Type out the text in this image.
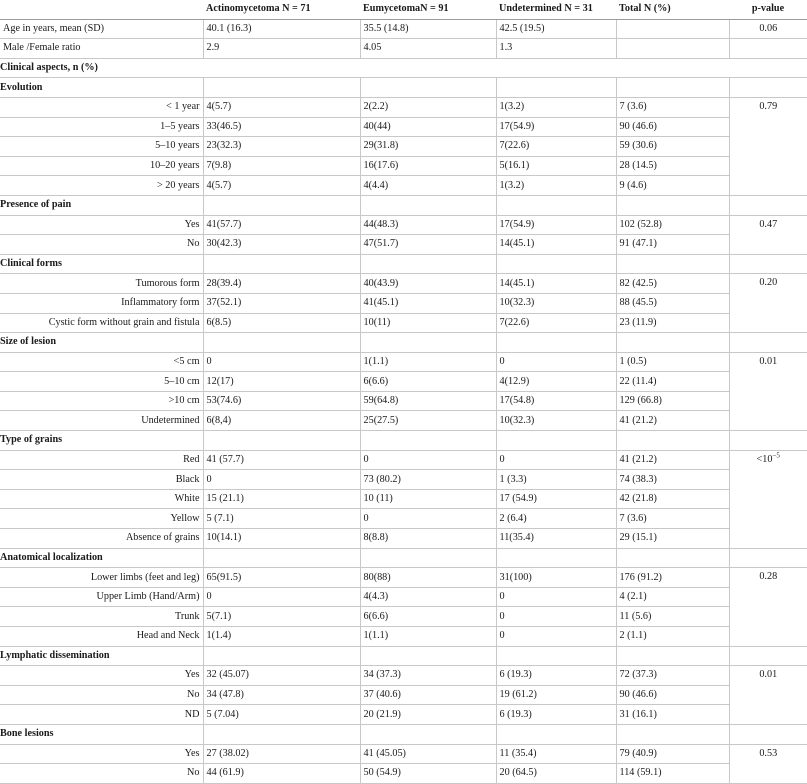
	Actinomycetoma N = 71	EumycetomaN = 91	Undetermined N = 31	Total N (%)	p-value
Age in years, mean (SD)	40.1 (16.3)	35.5 (14.8)	42.5 (19.5)		0.06
Male /Female ratio	2.9	4.05	1.3		
Clinical aspects, n (%)					
Evolution					
< 1 year	4(5.7)	2(2.2)	1(3.2)	7 (3.6)	0.79
1–5 years	33(46.5)	40(44)	17(54.9)	90 (46.6)	
5–10 years	23(32.3)	29(31.8)	7(22.6)	59 (30.6)	
10–20 years	7(9.8)	16(17.6)	5(16.1)	28 (14.5)	
> 20 years	4(5.7)	4(4.4)	1(3.2)	9 (4.6)	
Presence of pain					
Yes	41(57.7)	44(48.3)	17(54.9)	102 (52.8)	0.47
No	30(42.3)	47(51.7)	14(45.1)	91 (47.1)	
Clinical forms					
Tumorous form	28(39.4)	40(43.9)	14(45.1)	82 (42.5)	0.20
Inflammatory form	37(52.1)	41(45.1)	10(32.3)	88 (45.5)	
Cystic form without grain and fistula	6(8.5)	10(11)	7(22.6)	23 (11.9)	
Size of lesion					
<5 cm	0	1(1.1)	0	1 (0.5)	0.01
5–10 cm	12(17)	6(6.6)	4(12.9)	22 (11.4)	
>10 cm	53(74.6)	59(64.8)	17(54.8)	129 (66.8)	
Undetermined	6(8,4)	25(27.5)	10(32.3)	41 (21.2)	
Type of grains					
Red	41 (57.7)	0	0	41 (21.2)	$<10^{-5}$
Black	0	73 (80.2)	1 (3.3)	74 (38.3)	
White	15 (21.1)	10 (11)	17 (54.9)	42 (21.8)	
Yellow	5 (7.1)	0	2 (6.4)	7 (3.6)	
Absence of grains	10(14.1)	8(8.8)	11(35.4)	29 (15.1)	
Anatomical localization					
Lower limbs (feet and leg)	65(91.5)	80(88)	31(100)	176 (91.2)	0.28
Upper Limb (Hand/Arm)	0	4(4.3)	0	4 (2.1)	
Trunk	5(7.1)	6(6.6)	0	11 (5.6)	
Head and Neck	1(1.4)	1(1.1)	0	2 (1.1)	
Lymphatic dissemination					
Yes	32 (45.07)	34 (37.3)	6 (19.3)	72 (37.3)	0.01
No	34 (47.8)	37 (40.6)	19 (61.2)	90 (46.6)	
ND	5 (7.04)	20 (21.9)	6 (19.3)	31 (16.1)	
Bone lesions					
Yes	27 (38.02)	41 (45.05)	11 (35.4)	79 (40.9)	0.53
No	44 (61.9)	50 (54.9)	20 (64.5)	114 (59.1)	
